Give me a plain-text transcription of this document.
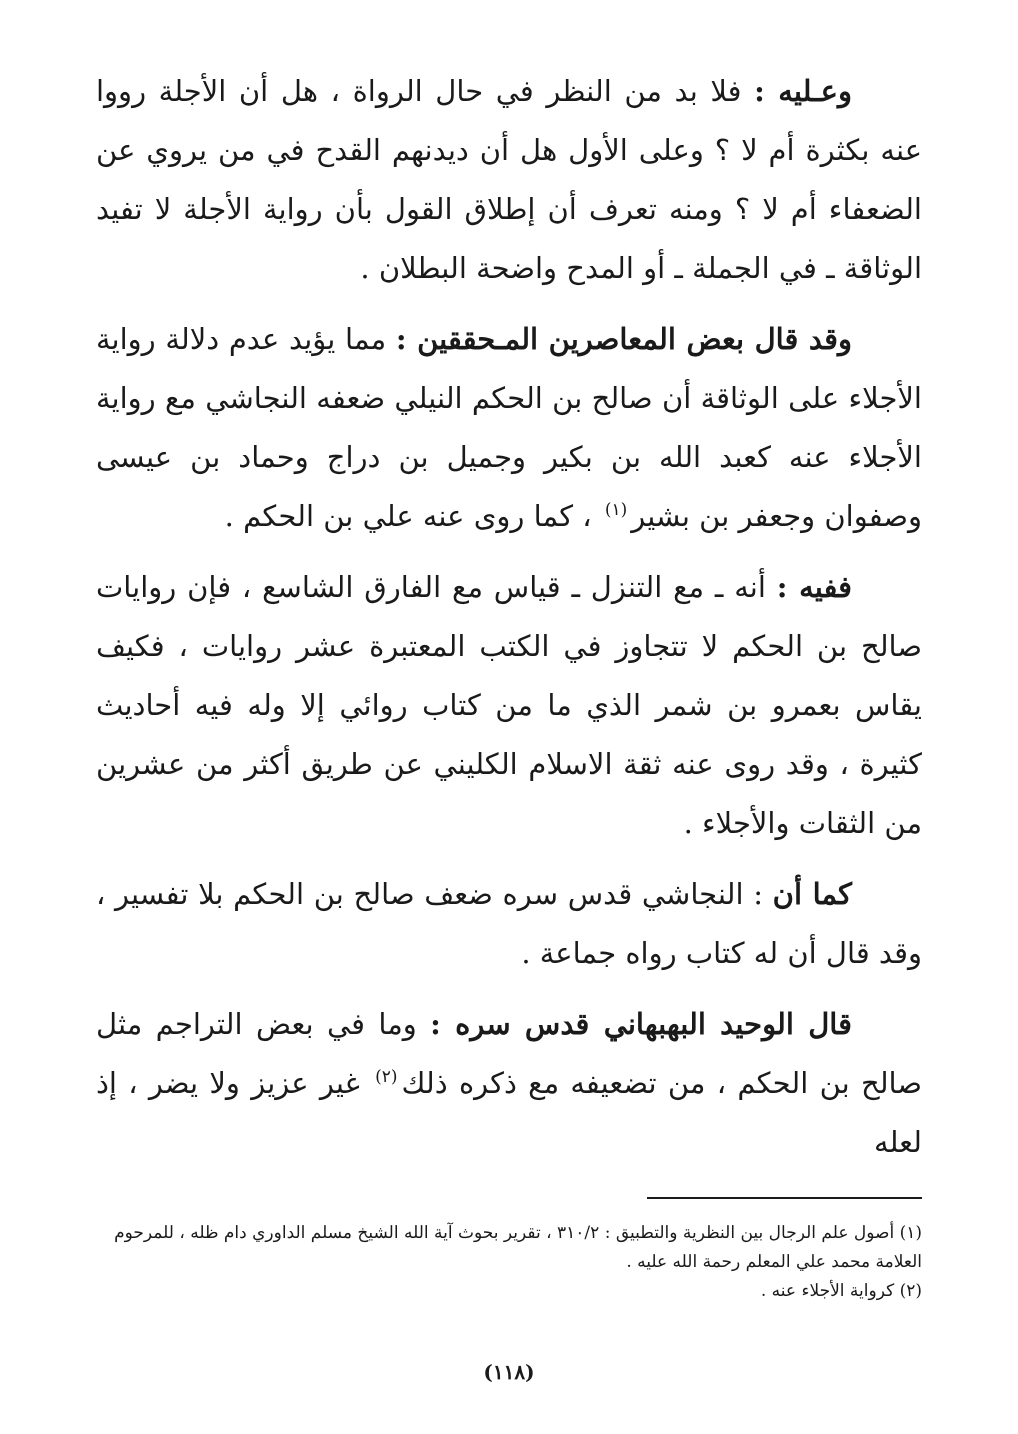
وعـليه : فلا بد من النظر في حال الرواة ، هل أن الأجلة رووا عنه بكثرة أم لا ؟ وعلى الأول هل أن ديدنهم القدح في من يروي عن الضعفاء أم لا ؟ ومنه تعرف أن إطلاق القول بأن رواية الأجلة لا تفيد الوثاقة ـ في الجملة ـ أو المدح واضحة البطلان .

وقد قال بعض المعاصرين المـحققين : مما يؤيد عدم دلالة رواية الأجلاء على الوثاقة أن صالح بن الحكم النيلي ضعفه النجاشي مع رواية الأجلاء عنه كعبد الله بن بكير وجميل بن دراج وحماد بن عيسى وصفوان وجعفر بن بشير$^{(١)}$ ، كما روى عنه علي بن الحكم .

ففيه : أنه ـ مع التنزل ـ قياس مع الفارق الشاسع ، فإن روايات صالح بن الحكم لا تتجاوز في الكتب المعتبرة عشر روايات ، فكيف يقاس بعمرو بن شمر الذي ما من كتاب روائي إلا وله فيه أحاديث كثيرة ، وقد روى عنه ثقة الاسلام الكليني عن طريق أكثر من عشرين من الثقات والأجلاء .

كما أن : النجاشي قدس سره ضعف صالح بن الحكم بلا تفسير ، وقد قال أن له كتاب رواه جماعة .

قال الوحيد البهبهاني قدس سره : وما في بعض التراجم مثل صالح بن الحكم ، من تضعيفه مع ذكره ذلك$^{(٢)}$ غير عزيز ولا يضر ، إذ لعله

(١) أصول علم الرجال بين النظرية والتطبيق : ٣١٠/٢ ، تقرير بحوث آية الله الشيخ مسلم الداوري دام ظله ، للمرحوم العلامة محمد علي المعلم رحمة الله عليه .

(٢) كرواية الأجلاء عنه .

(١١٨)
